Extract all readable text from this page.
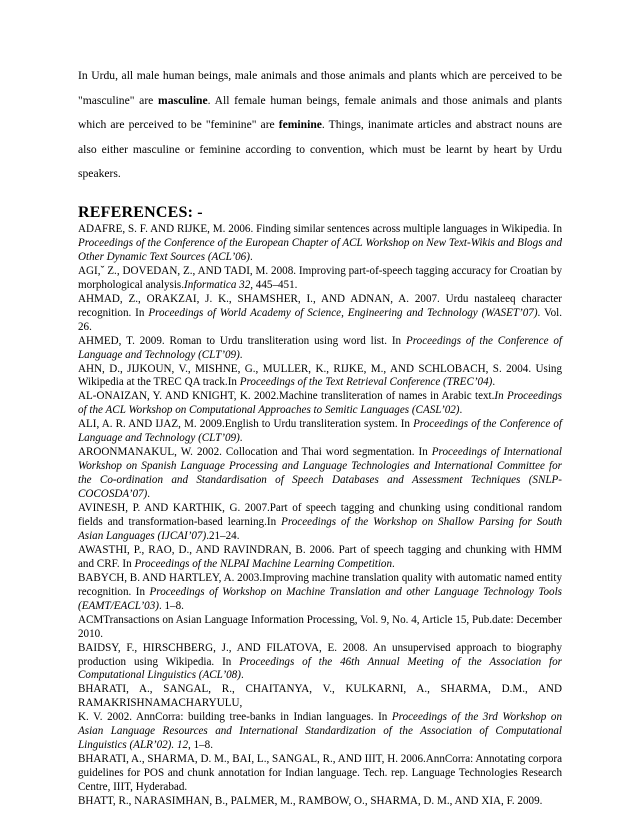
In Urdu, all male human beings, male animals and those animals and plants which are perceived to be "masculine" are masculine. All female human beings, female animals and those animals and plants which are perceived to be "feminine" are feminine. Things, inanimate articles and abstract nouns are also either masculine or feminine according to convention, which must be learnt by heart by Urdu speakers.

REFERENCES: -

ADAFRE, S. F. AND RIJKE, M. 2006. Finding similar sentences across multiple languages in Wikipedia. In Proceedings of the Conference of the European Chapter of ACL Workshop on New Text-Wikis and Blogs and Other Dynamic Text Sources (ACL’06).

AGI,ˇ Z., DOVEDAN, Z., AND TADI, M. 2008. Improving part-of-speech tagging accuracy for Croatian by morphological analysis.Informatica 32, 445–451.

AHMAD, Z., ORAKZAI, J. K., SHAMSHER, I., AND ADNAN, A. 2007. Urdu nastaleeq character recognition. In Proceedings of World Academy of Science, Engineering and Technology (WASET’07). Vol. 26.

AHMED, T. 2009. Roman to Urdu transliteration using word list. In Proceedings of the Conference of Language and Technology (CLT’09).

AHN, D., JIJKOUN, V., MISHNE, G., MULLER, K., RIJKE, M., AND SCHLOBACH, S. 2004. Using Wikipedia at the TREC QA track.In Proceedings of the Text Retrieval Conference (TREC’04).

AL-ONAIZAN, Y. AND KNIGHT, K. 2002.Machine transliteration of names in Arabic text.In Proceedings of the ACL Workshop on Computational Approaches to Semitic Languages (CASL’02).

ALI, A. R. AND IJAZ, M. 2009.English to Urdu transliteration system. In Proceedings of the Conference of Language and Technology (CLT’09).

AROONMANAKUL, W. 2002. Collocation and Thai word segmentation. In Proceedings of International Workshop on Spanish Language Processing and Language Technologies and International Committee for the Co-ordination and Standardisation of Speech Databases and Assessment Techniques (SNLP-COCOSDA’07).

AVINESH, P. AND KARTHIK, G. 2007.Part of speech tagging and chunking using conditional random fields and transformation-based learning.In Proceedings of the Workshop on Shallow Parsing for South Asian Languages (IJCAI’07).21–24.

AWASTHI, P., RAO, D., AND RAVINDRAN, B. 2006. Part of speech tagging and chunking with HMM and CRF. In Proceedings of the NLPAI Machine Learning Competition.

BABYCH, B. AND HARTLEY, A. 2003.Improving machine translation quality with automatic named entity recognition. In Proceedings of Workshop on Machine Translation and other Language Technology Tools (EAMT/EACL’03). 1–8.

ACMTransactions on Asian Language Information Processing, Vol. 9, No. 4, Article 15, Pub.date: December 2010.

BAIDSY, F., HIRSCHBERG, J., AND FILATOVA, E. 2008. An unsupervised approach to biography production using Wikipedia. In Proceedings of the 46th Annual Meeting of the Association for Computational Linguistics (ACL’08).

BHARATI, A., SANGAL, R., CHAITANYA, V., KULKARNI, A., SHARMA, D.M., AND RAMAKRISHNAMACHARYULU,

K. V. 2002. AnnCorra: building tree-banks in Indian languages. In Proceedings of the 3rd Workshop on Asian Language Resources and International Standardization of the Association of Computational Linguistics (ALR’02). 12, 1–8.

BHARATI, A., SHARMA, D. M., BAI, L., SANGAL, R., AND IIIT, H. 2006.AnnCorra: Annotating corpora guidelines for POS and chunk annotation for Indian language. Tech. rep. Language Technologies Research Centre, IIIT, Hyderabad.

BHATT, R., NARASIMHAN, B., PALMER, M., RAMBOW, O., SHARMA, D. M., AND XIA, F. 2009.
